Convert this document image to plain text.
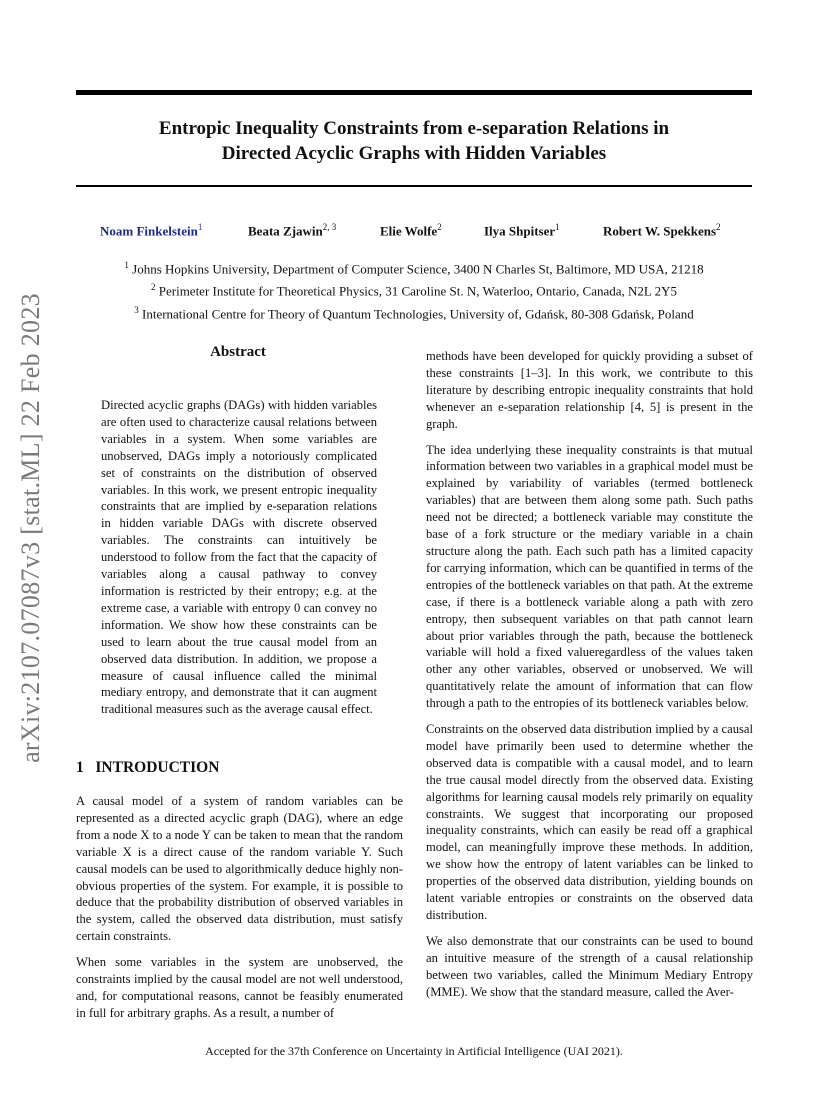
arXiv:2107.07087v3 [stat.ML] 22 Feb 2023
Entropic Inequality Constraints from e-separation Relations in
Directed Acyclic Graphs with Hidden Variables
Noam Finkelstein$^1$	Beata Zjawin$^{2, 3}$	Elie Wolfe$^2$	Ilya Shpitser$^1$	Robert W. Spekkens$^2$
$^1$ Johns Hopkins University, Department of Computer Science, 3400 N Charles St, Baltimore, MD USA, 21218
$^2$ Perimeter Institute for Theoretical Physics, 31 Caroline St. N, Waterloo, Ontario, Canada, N2L 2Y5
$^3$ International Centre for Theory of Quantum Technologies, University of, Gdańsk, 80-308 Gdańsk, Poland
Abstract

Directed acyclic graphs (DAGs) with hidden variables are often used to characterize causal relations between variables in a system. When some variables are unobserved, DAGs imply a notoriously complicated set of constraints on the distribution of observed variables. In this work, we present entropic inequality constraints that are implied by e-separation relations in hidden variable DAGs with discrete observed variables. The constraints can intuitively be understood to follow from the fact that the capacity of variables along a causal pathway to convey information is restricted by their entropy; e.g. at the extreme case, a variable with entropy 0 can convey no information. We show how these constraints can be used to learn about the true causal model from an observed data distribution. In addition, we propose a measure of causal influence called the minimal mediary entropy, and demonstrate that it can augment traditional measures such as the average causal effect.

1 INTRODUCTION

A causal model of a system of random variables can be represented as a directed acyclic graph (DAG), where an edge from a node X to a node Y can be taken to mean that the random variable X is a direct cause of the random variable Y. Such causal models can be used to algorithmically deduce highly non-obvious properties of the system. For example, it is possible to deduce that the probability distribution of observed variables in the system, called the observed data distribution, must satisfy certain constraints.

When some variables in the system are unobserved, the constraints implied by the causal model are not well understood, and, for computational reasons, cannot be feasibly enumerated in full for arbitrary graphs. As a result, a number of

methods have been developed for quickly providing a subset of these constraints [1–3]. In this work, we contribute to this literature by describing entropic inequality constraints that hold whenever an e-separation relationship [4, 5] is present in the graph.

The idea underlying these inequality constraints is that mutual information between two variables in a graphical model must be explained by variability of variables (termed bottleneck variables) that are between them along some path. Such paths need not be directed; a bottleneck variable may constitute the base of a fork structure or the mediary variable in a chain structure along the path. Each such path has a limited capacity for carrying information, which can be quantified in terms of the entropies of the bottleneck variables on that path. At the extreme case, if there is a bottleneck variable along a path with zero entropy, then subsequent variables on that path cannot learn about prior variables through the path, because the bottleneck variable will hold a fixed valueregardless of the values taken other any other variables, observed or unobserved. We will quantitatively relate the amount of information that can flow through a path to the entropies of its bottleneck variables below.

Constraints on the observed data distribution implied by a causal model have primarily been used to determine whether the observed data is compatible with a causal model, and to learn the true causal model directly from the observed data. Existing algorithms for learning causal models rely primarily on equality constraints. We suggest that incorporating our proposed inequality constraints, which can easily be read off a graphical model, can meaningfully improve these methods. In addition, we show how the entropy of latent variables can be linked to properties of the observed data distribution, yielding bounds on latent variable entropies or constraints on the observed data distribution.

We also demonstrate that our constraints can be used to bound an intuitive measure of the strength of a causal relationship between two variables, called the Minimum Mediary Entropy (MME). We show that the standard measure, called the Aver-

Accepted for the 37th Conference on Uncertainty in Artificial Intelligence (UAI 2021).
